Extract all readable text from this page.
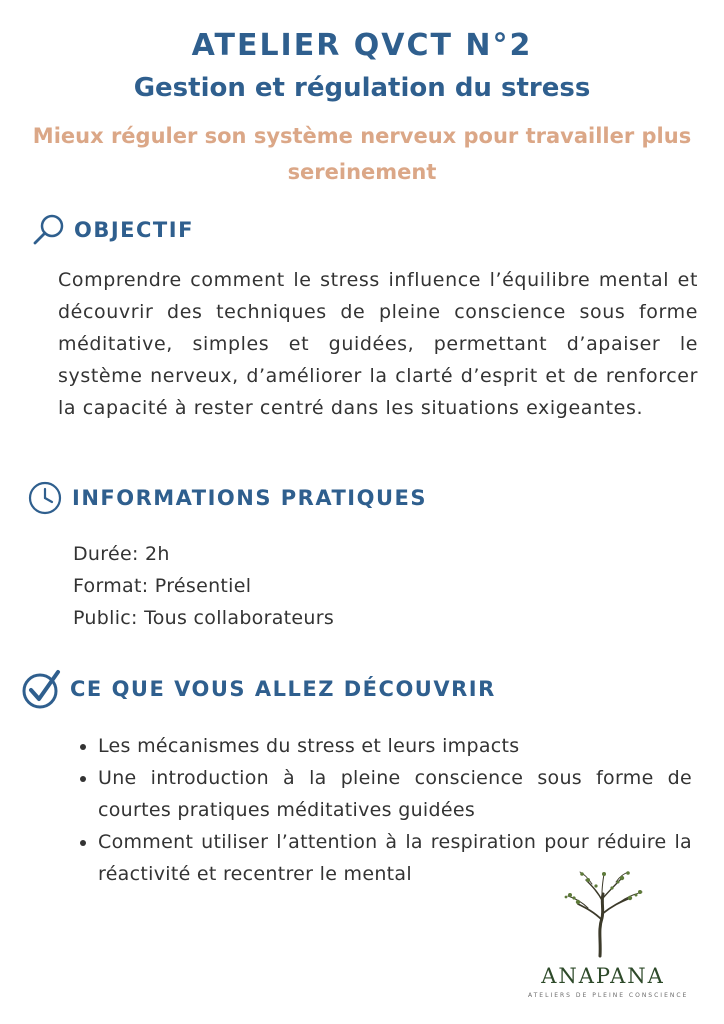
ATELIER QVCT N°2
Gestion et régulation du stress
Mieux réguler son système nerveux pour travailler plus sereinement
OBJECTIF
Comprendre comment le stress influence l’équilibre mental et découvrir des techniques de pleine conscience sous forme méditative, simples et guidées, permettant d’apaiser le système nerveux, d’améliorer la clarté d’esprit et de renforcer la capacité à rester centré dans les situations exigeantes.
INFORMATIONS PRATIQUES
Durée: 2h
Format: Présentiel
Public: Tous collaborateurs
CE QUE VOUS ALLEZ DÉCOUVRIR
• Les mécanismes du stress et leurs impacts
• Une introduction à la pleine conscience sous forme de courtes pratiques méditatives guidées
• Comment utiliser l’attention à la respiration pour réduire la réactivité et recentrer le mental
ANAPANA
ATELIERS DE PLEINE CONSCIENCE
